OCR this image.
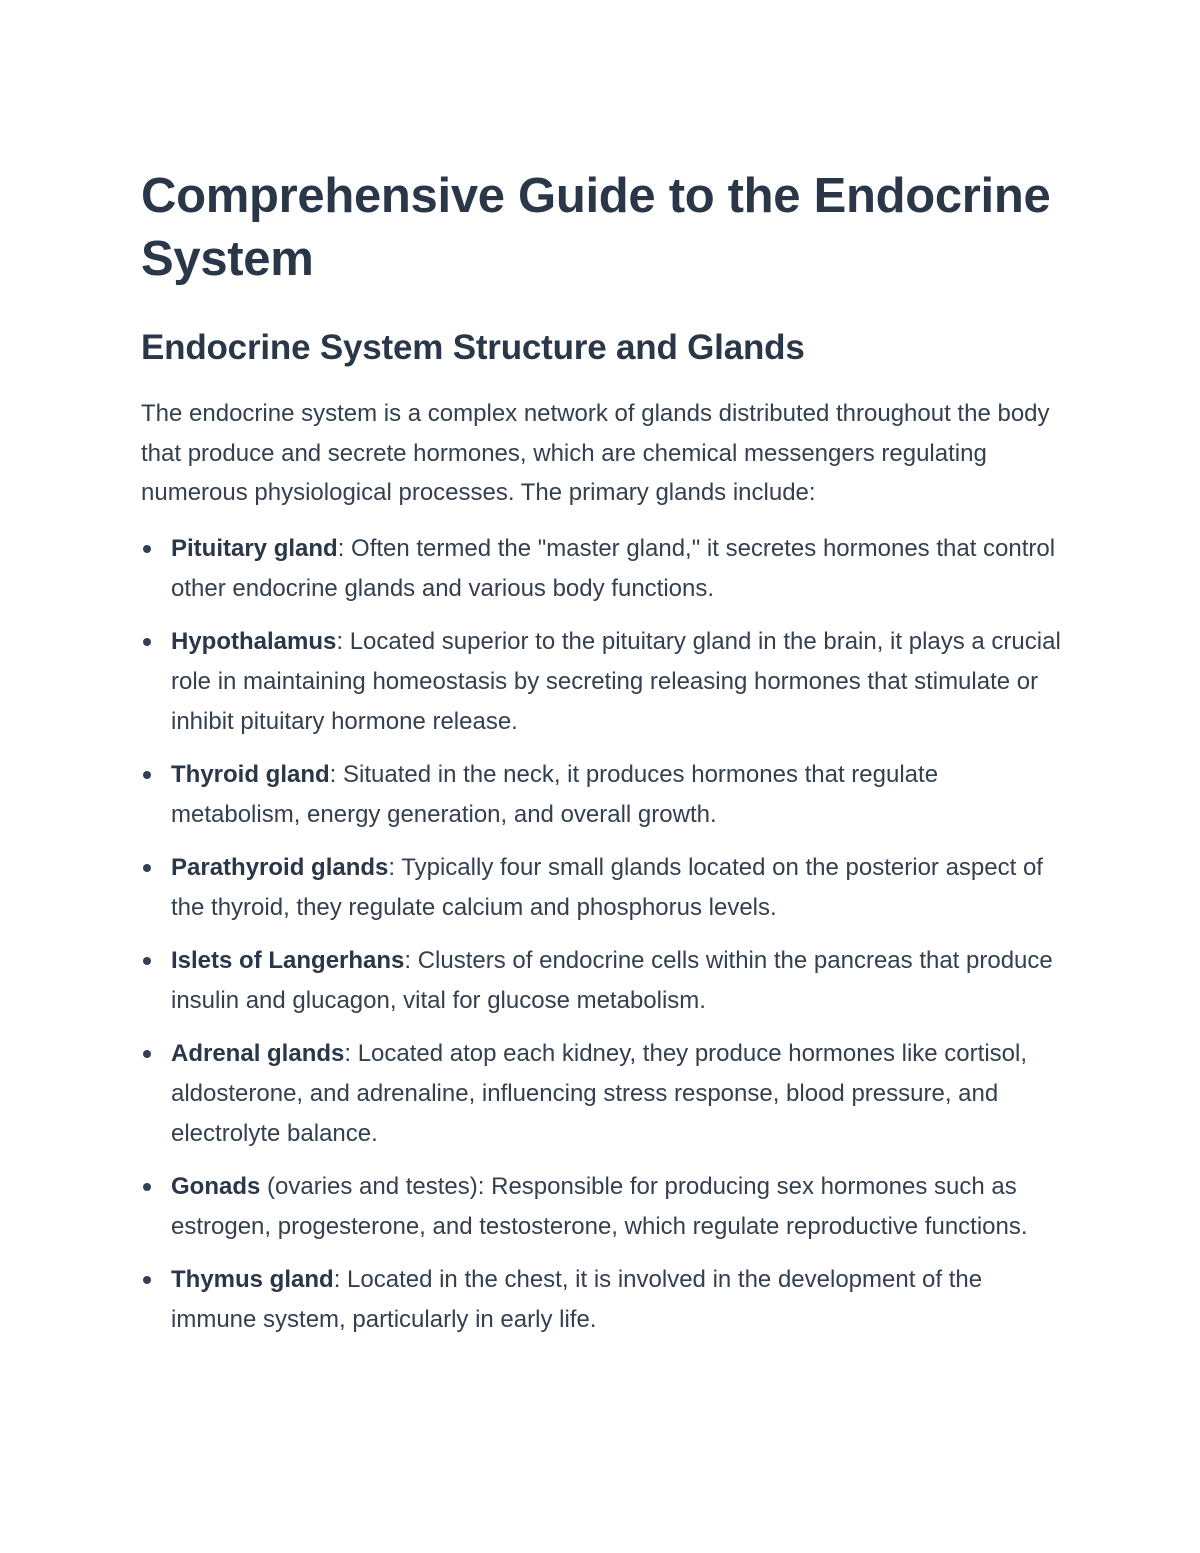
Comprehensive Guide to the Endocrine System
Endocrine System Structure and Glands

The endocrine system is a complex network of glands distributed throughout the body that produce and secrete hormones, which are chemical messengers regulating numerous physiological processes. The primary glands include:

Pituitary gland: Often termed the "master gland," it secretes hormones that control other endocrine glands and various body functions.
Hypothalamus: Located superior to the pituitary gland in the brain, it plays a crucial role in maintaining homeostasis by secreting releasing hormones that stimulate or inhibit pituitary hormone release.
Thyroid gland: Situated in the neck, it produces hormones that regulate metabolism, energy generation, and overall growth.
Parathyroid glands: Typically four small glands located on the posterior aspect of the thyroid, they regulate calcium and phosphorus levels.
Islets of Langerhans: Clusters of endocrine cells within the pancreas that produce insulin and glucagon, vital for glucose metabolism.
Adrenal glands: Located atop each kidney, they produce hormones like cortisol, aldosterone, and adrenaline, influencing stress response, blood pressure, and electrolyte balance.
Gonads (ovaries and testes): Responsible for producing sex hormones such as estrogen, progesterone, and testosterone, which regulate reproductive functions.
Thymus gland: Located in the chest, it is involved in the development of the immune system, particularly in early life.
